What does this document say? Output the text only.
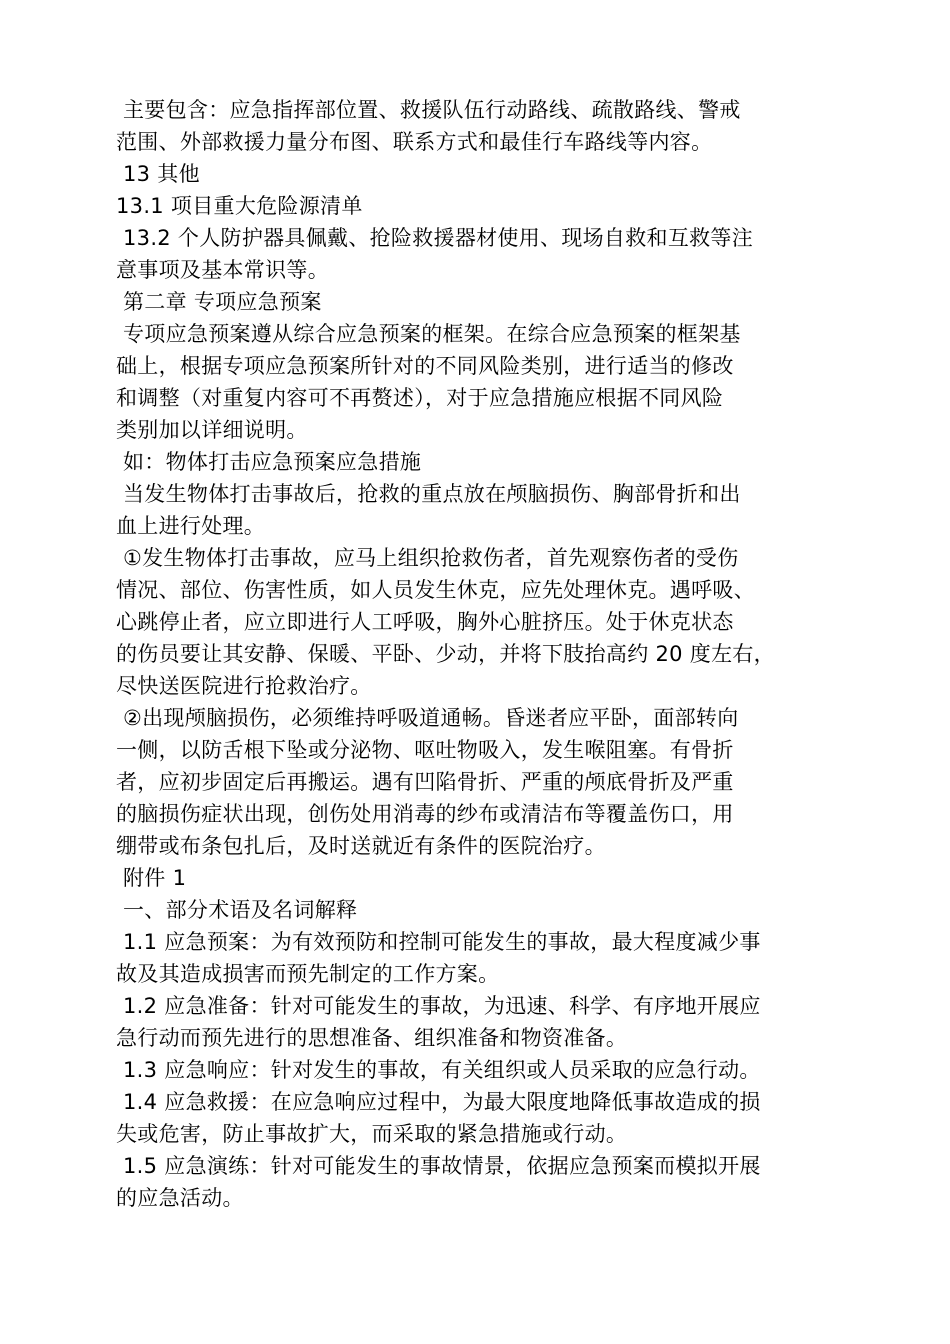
主要包含：应急指挥部位置、救援队伍行动路线、疏散路线、警戒
范围、外部救援力量分布图、联系方式和最佳行车路线等内容。
13 其他
13.1 项目重大危险源清单
13.2 个人防护器具佩戴、抢险救援器材使用、现场自救和互救等注
意事项及基本常识等。
第二章 专项应急预案
专项应急预案遵从综合应急预案的框架。在综合应急预案的框架基
础上，根据专项应急预案所针对的不同风险类别，进行适当的修改
和调整（对重复内容可不再赘述），对于应急措施应根据不同风险
类别加以详细说明。
如：物体打击应急预案应急措施
当发生物体打击事故后，抢救的重点放在颅脑损伤、胸部骨折和出
血上进行处理。
①发生物体打击事故，应马上组织抢救伤者，首先观察伤者的受伤
情况、部位、伤害性质，如人员发生休克，应先处理休克。遇呼吸、
心跳停止者，应立即进行人工呼吸，胸外心脏挤压。处于休克状态
的伤员要让其安静、保暖、平卧、少动，并将下肢抬高约 20 度左右，
尽快送医院进行抢救治疗。
②出现颅脑损伤，必须维持呼吸道通畅。昏迷者应平卧，面部转向
一侧，以防舌根下坠或分泌物、呕吐物吸入，发生喉阻塞。有骨折
者，应初步固定后再搬运。遇有凹陷骨折、严重的颅底骨折及严重
的脑损伤症状出现，创伤处用消毒的纱布或清洁布等覆盖伤口，用
绷带或布条包扎后，及时送就近有条件的医院治疗。
附件 1
一、部分术语及名词解释
1.1 应急预案：为有效预防和控制可能发生的事故，最大程度减少事
故及其造成损害而预先制定的工作方案。
1.2 应急准备：针对可能发生的事故，为迅速、科学、有序地开展应
急行动而预先进行的思想准备、组织准备和物资准备。
1.3 应急响应：针对发生的事故，有关组织或人员采取的应急行动。
1.4 应急救援：在应急响应过程中，为最大限度地降低事故造成的损
失或危害，防止事故扩大，而采取的紧急措施或行动。
1.5 应急演练：针对可能发生的事故情景，依据应急预案而模拟开展
的应急活动。
